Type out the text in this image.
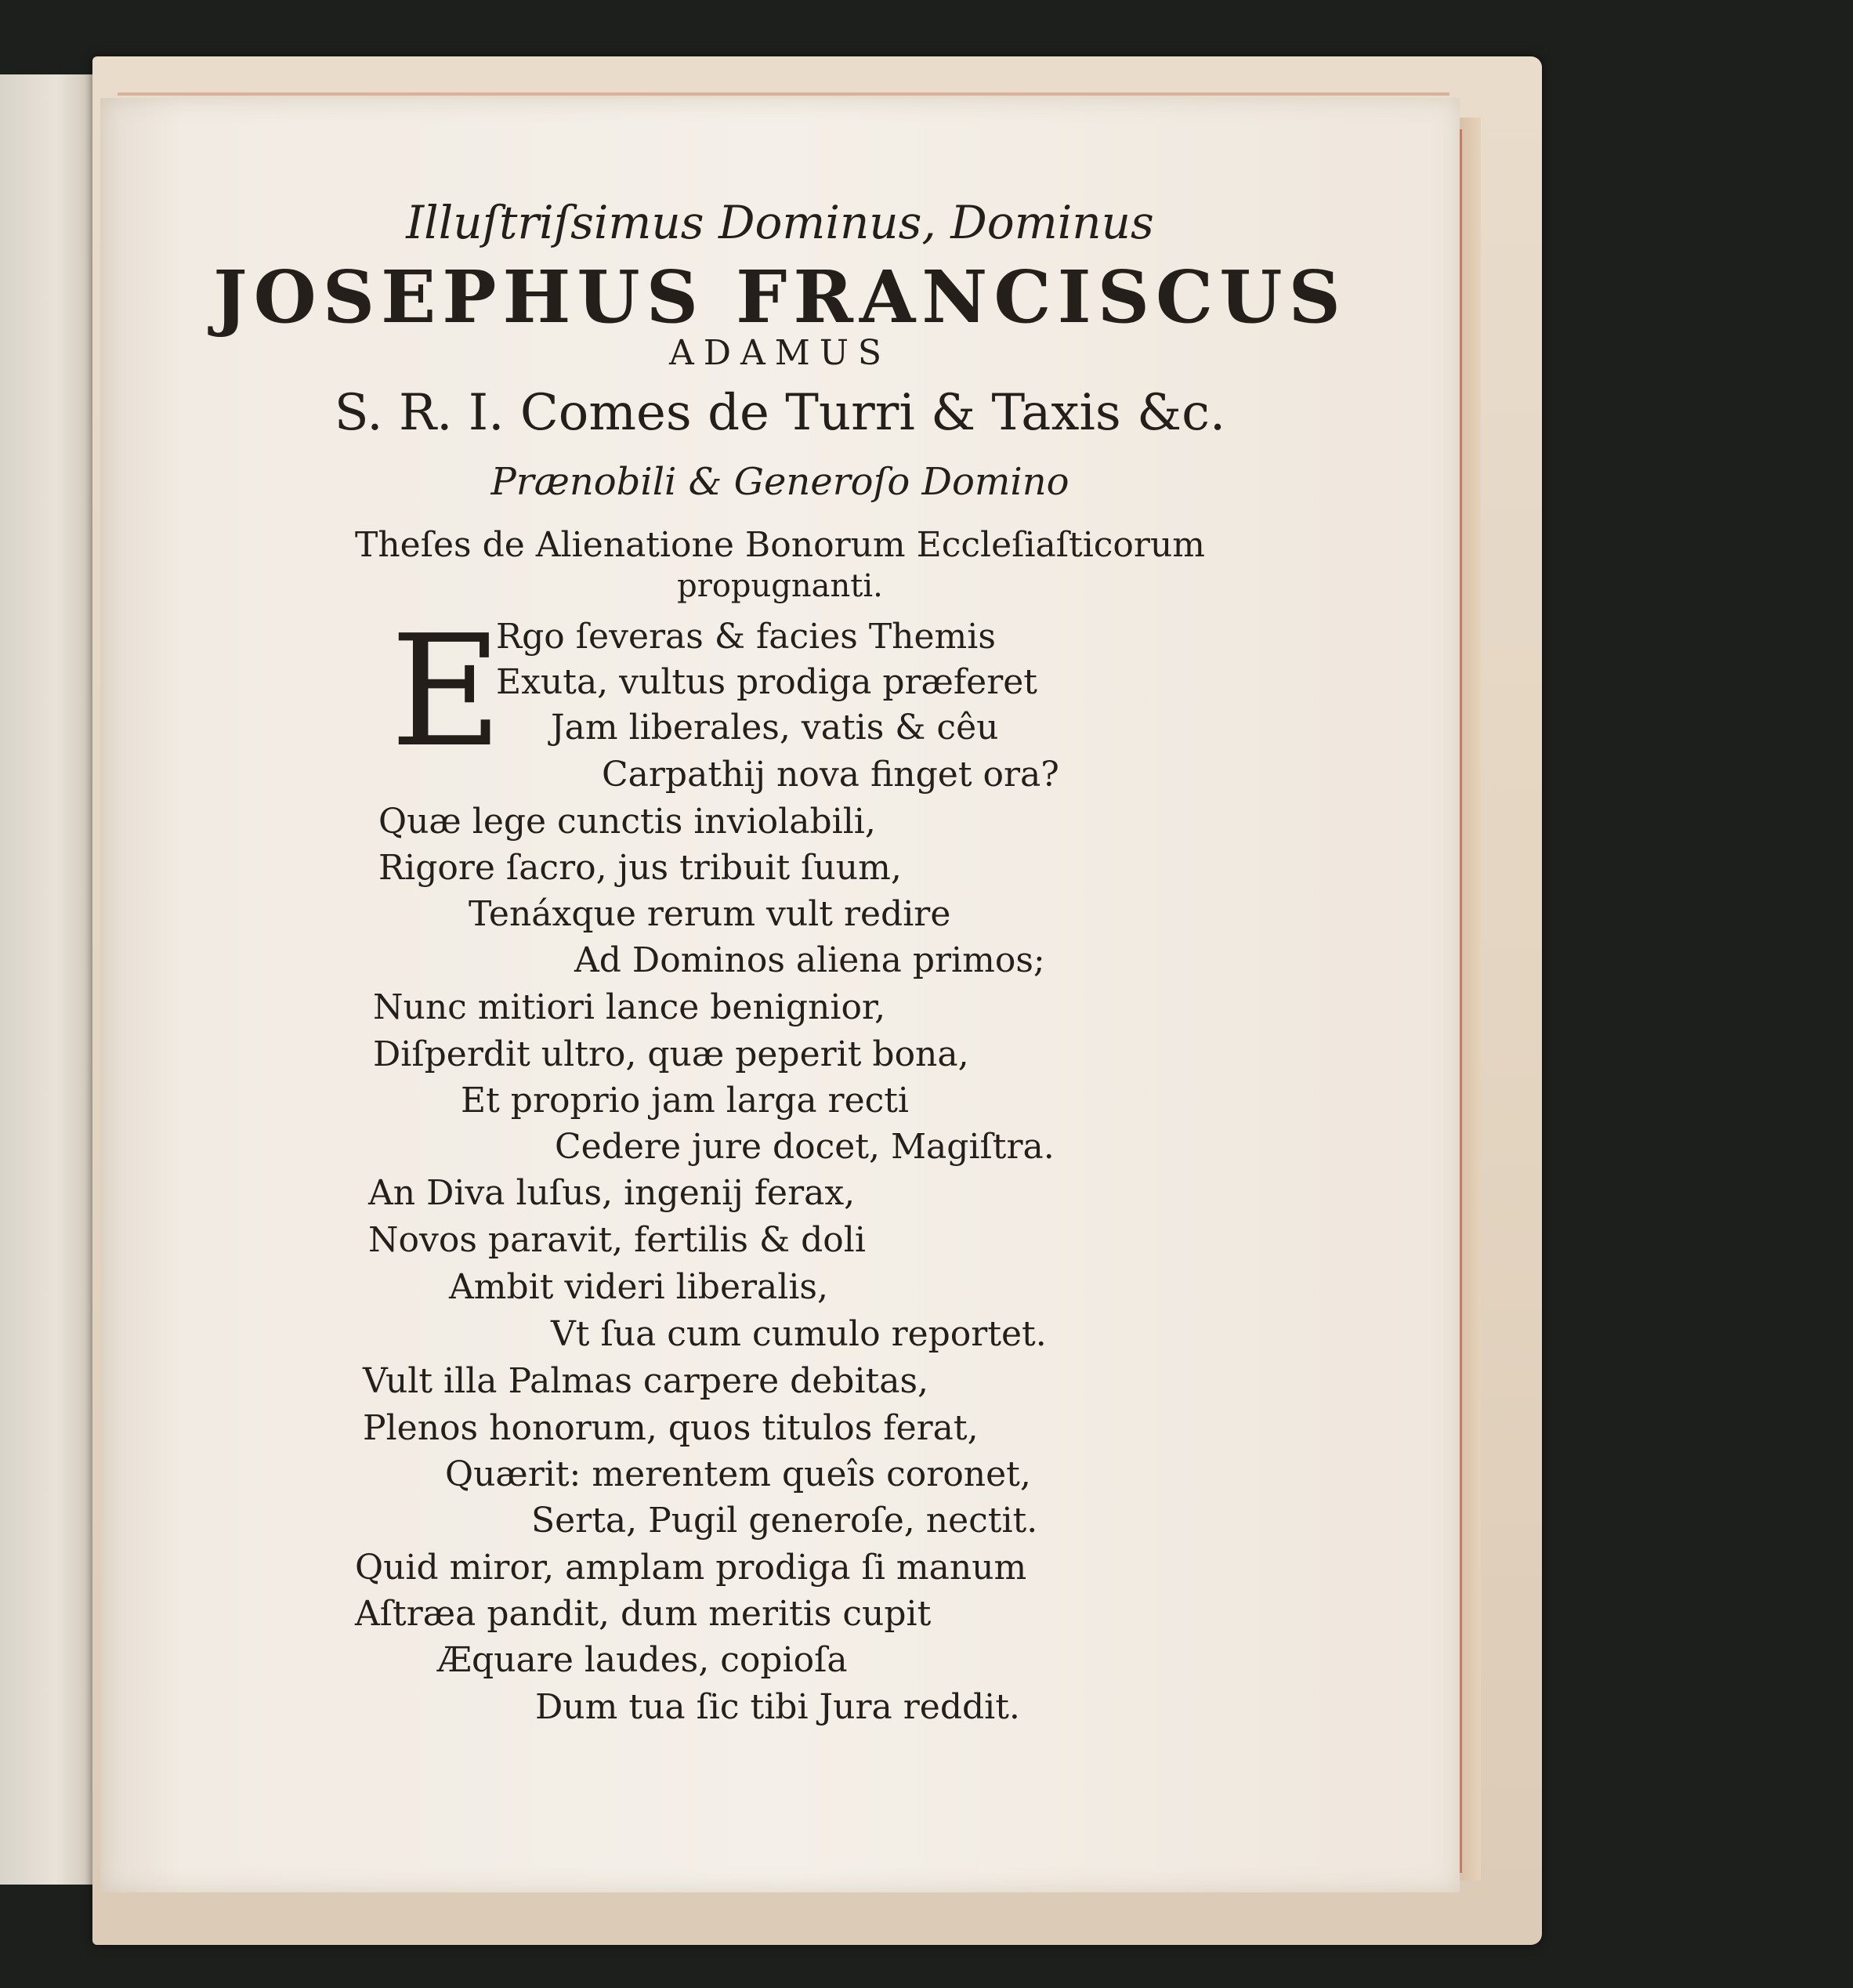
Illuſtriſsimus Dominus, Dominus
JOSEPHUS FRANCISCUS
ADAMUS
S. R. I. Comes de Turri & Taxis &c.
Prænobili & Generoſo Domino
Theſes de Alienatione Bonorum Eccleſiaſticorum
propugnanti.
E
Rgo ſeveras & facies Themis
Exuta, vultus prodiga præferet
Jam liberales, vatis & cêu
Carpathij nova finget ora?
Quæ lege cunctis inviolabili,
Rigore ſacro, jus tribuit ſuum,
Tenáxque rerum vult redire
Ad Dominos aliena primos;
Nunc mitiori lance benignior,
Diſperdit ultro, quæ peperit bona,
Et proprio jam larga recti
Cedere jure docet, Magiſtra.
An Diva luſus, ingenij ferax,
Novos paravit, fertilis & doli
Ambit videri liberalis,
Vt ſua cum cumulo reportet.
Vult illa Palmas carpere debitas,
Plenos honorum, quos titulos ferat,
Quærit: merentem queîs coronet,
Serta, Pugil generoſe, nectit.
Quid miror, amplam prodiga ſi manum
Aſtræa pandit, dum meritis cupit
Æquare laudes, copioſa
Dum tua ſic tibi Jura reddit.
